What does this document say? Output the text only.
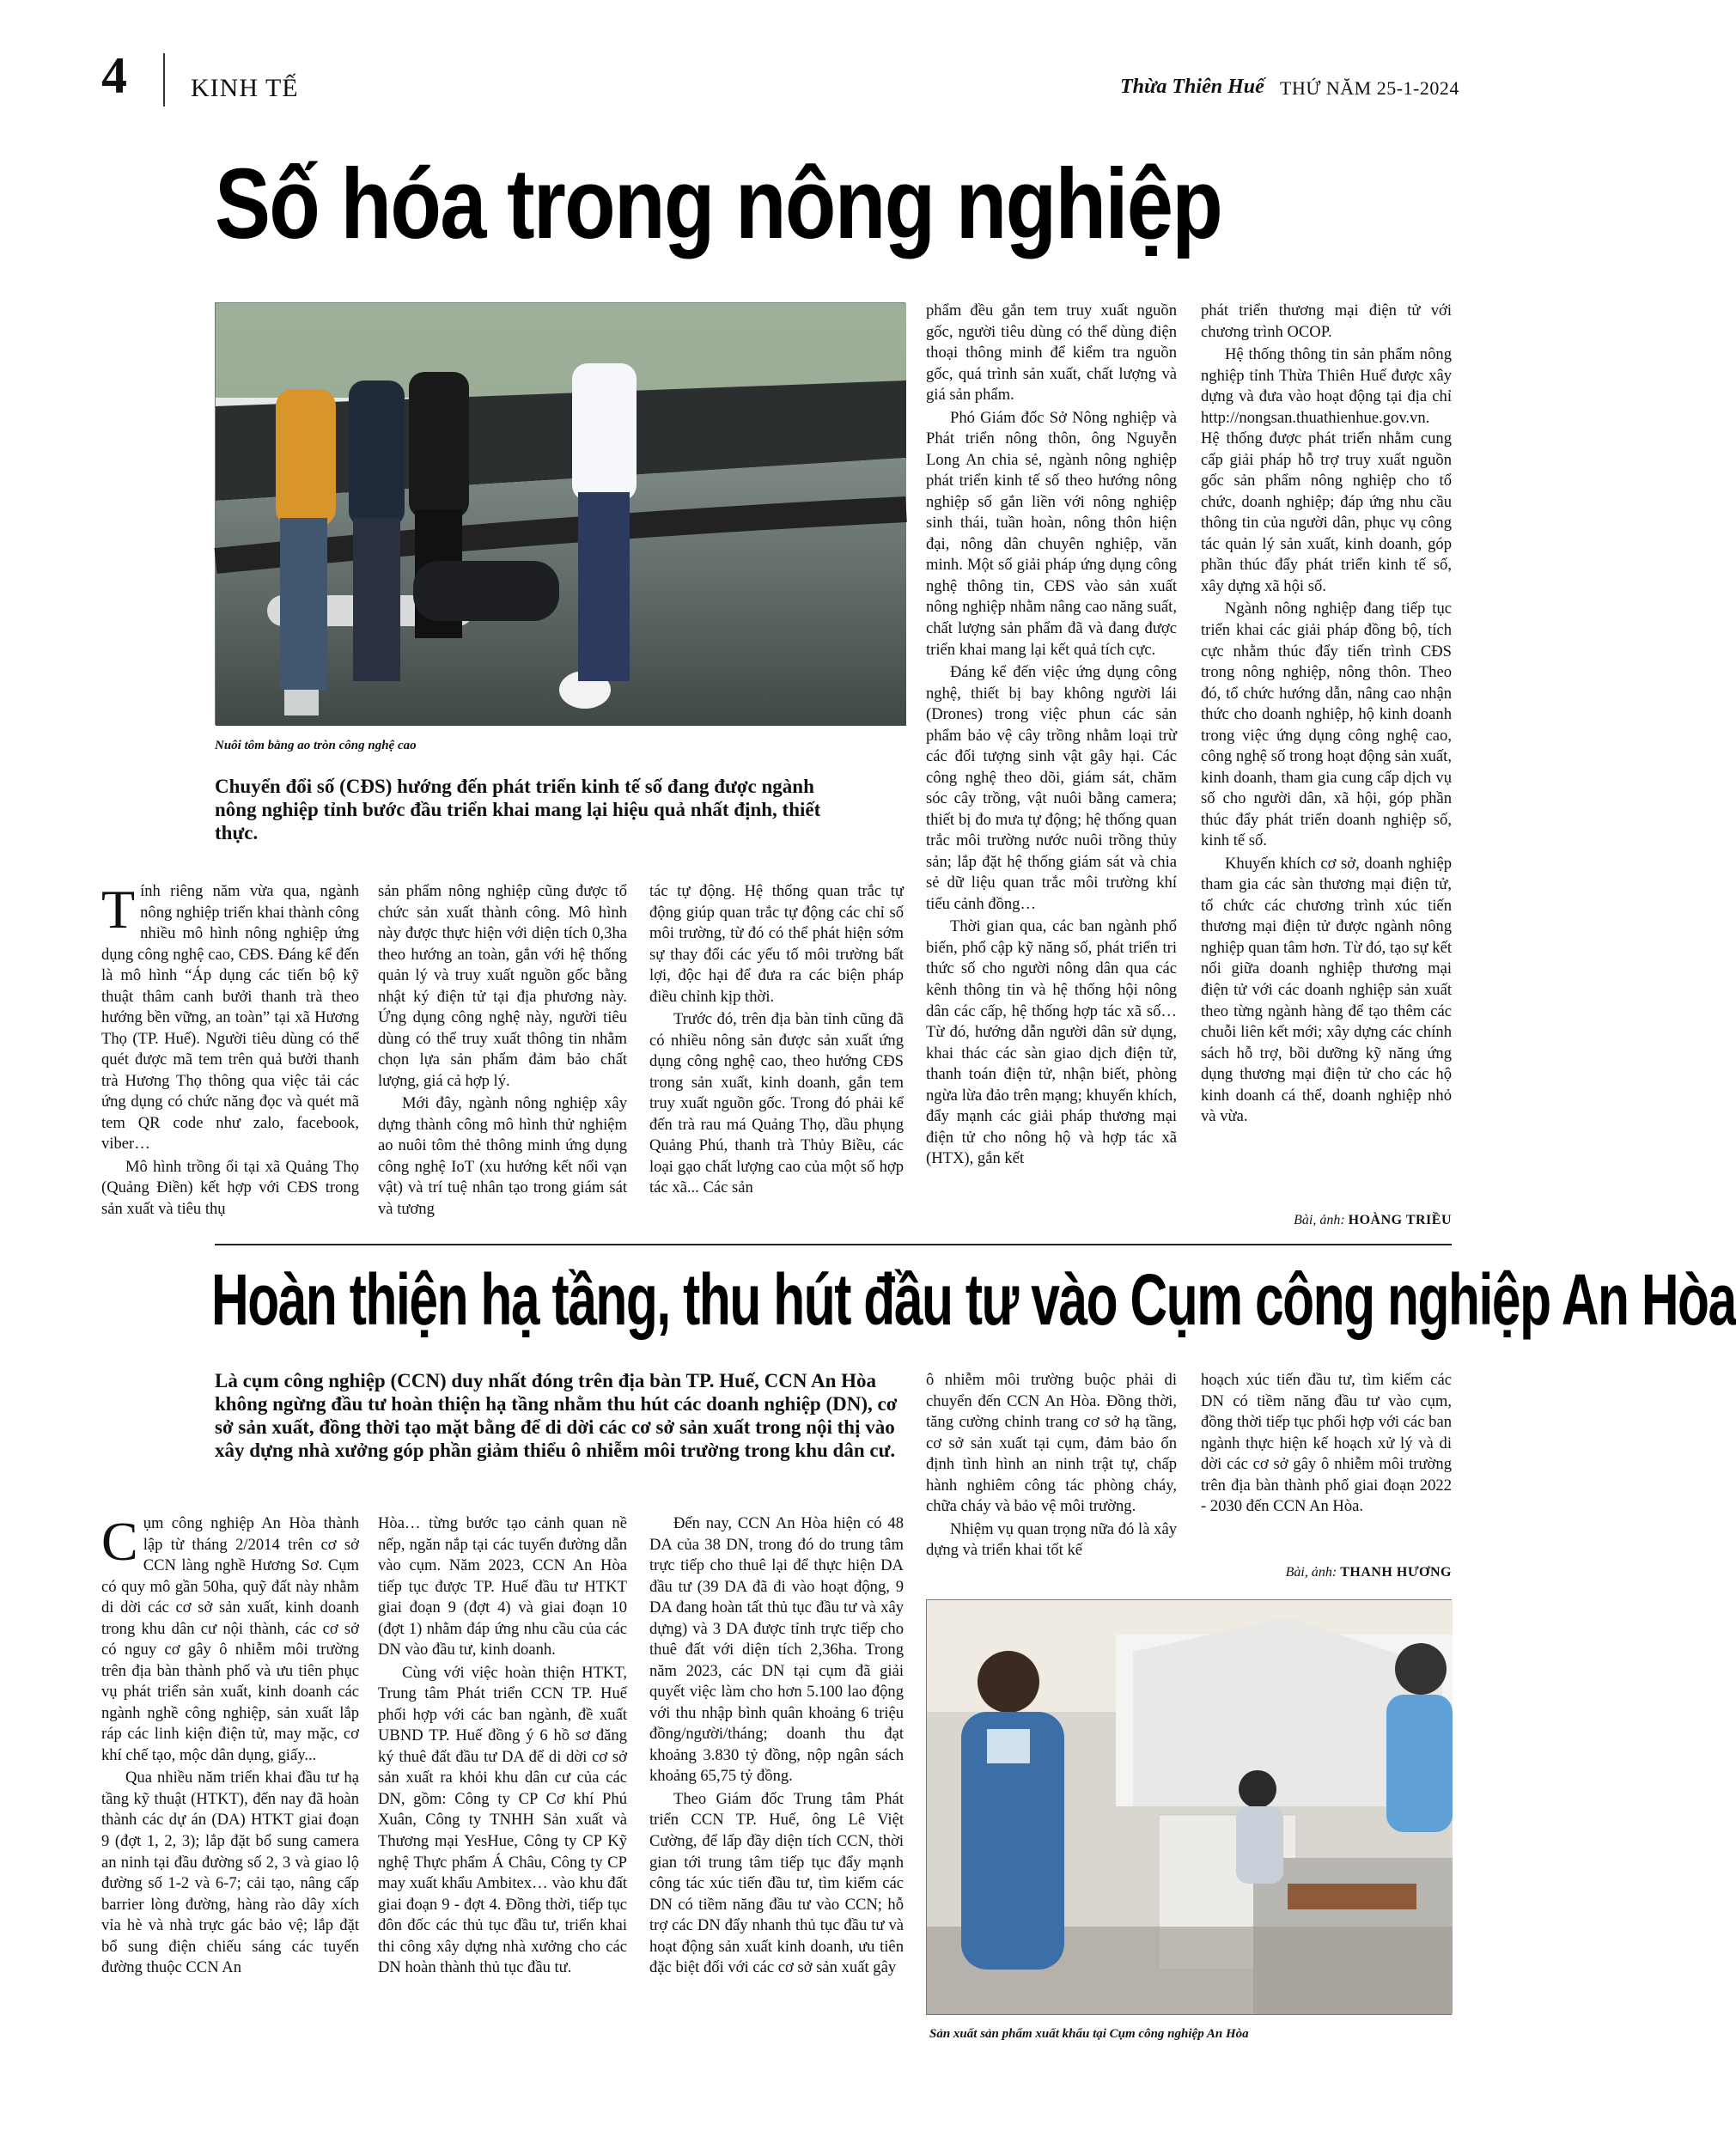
4 KINH TẾ	Thừa Thiên Huế THỨ NĂM 25-1-2024
Số hóa trong nông nghiệp
Nuôi tôm bằng ao tròn công nghệ cao
Chuyển đổi số (CĐS) hướng đến phát triển kinh tế số đang được ngành nông nghiệp tỉnh bước đầu triển khai mang lại hiệu quả nhất định, thiết thực.

Tính riêng năm vừa qua, ngành nông nghiệp triển khai thành công nhiều mô hình nông nghiệp ứng dụng công nghệ cao, CĐS. Đáng kể đến là mô hình “Áp dụng các tiến bộ kỹ thuật thâm canh bưởi thanh trà theo hướng bền vững, an toàn” tại xã Hương Thọ (TP. Huế). Người tiêu dùng có thể quét được mã tem trên quả bưởi thanh trà Hương Thọ thông qua việc tải các ứng dụng có chức năng đọc và quét mã tem QR code như zalo, facebook, viber…

Mô hình trồng ổi tại xã Quảng Thọ (Quảng Điền) kết hợp với CĐS trong sản xuất và tiêu thụ

sản phẩm nông nghiệp cũng được tổ chức sản xuất thành công. Mô hình này được thực hiện với diện tích 0,3ha theo hướng an toàn, gắn với hệ thống quản lý và truy xuất nguồn gốc bằng nhật ký điện tử tại địa phương này. Ứng dụng công nghệ này, người tiêu dùng có thể truy xuất thông tin nhằm chọn lựa sản phẩm đảm bảo chất lượng, giá cả hợp lý.

Mới đây, ngành nông nghiệp xây dựng thành công mô hình thử nghiệm ao nuôi tôm thẻ thông minh ứng dụng công nghệ IoT (xu hướng kết nối vạn vật) và trí tuệ nhân tạo trong giám sát và tương

tác tự động. Hệ thống quan trắc tự động giúp quan trắc tự động các chỉ số môi trường, từ đó có thể phát hiện sớm sự thay đổi các yếu tố môi trường bất lợi, độc hại để đưa ra các biện pháp điều chỉnh kịp thời.

Trước đó, trên địa bàn tỉnh cũng đã có nhiều nông sản được sản xuất ứng dụng công nghệ cao, theo hướng CĐS trong sản xuất, kinh doanh, gắn tem truy xuất nguồn gốc. Trong đó phải kể đến trà rau má Quảng Thọ, dầu phụng Quảng Phú, thanh trà Thủy Biều, các loại gạo chất lượng cao của một số hợp tác xã... Các sản

phẩm đều gắn tem truy xuất nguồn gốc, người tiêu dùng có thể dùng điện thoại thông minh để kiểm tra nguồn gốc, quá trình sản xuất, chất lượng và giá sản phẩm.

Phó Giám đốc Sở Nông nghiệp và Phát triển nông thôn, ông Nguyễn Long An chia sẻ, ngành nông nghiệp phát triển kinh tế số theo hướng nông nghiệp số gắn liền với nông nghiệp sinh thái, tuần hoàn, nông thôn hiện đại, nông dân chuyên nghiệp, văn minh. Một số giải pháp ứng dụng công nghệ thông tin, CĐS vào sản xuất nông nghiệp nhằm nâng cao năng suất, chất lượng sản phẩm đã và đang được triển khai mang lại kết quả tích cực.

Đáng kể đến việc ứng dụng công nghệ, thiết bị bay không người lái (Drones) trong việc phun các sản phẩm bảo vệ cây trồng nhằm loại trừ các đối tượng sinh vật gây hại. Các công nghệ theo dõi, giám sát, chăm sóc cây trồng, vật nuôi bằng camera; thiết bị đo mưa tự động; hệ thống quan trắc môi trường nước nuôi trồng thủy sản; lắp đặt hệ thống giám sát và chia sẻ dữ liệu quan trắc môi trường khí tiểu cảnh đồng…

Thời gian qua, các ban ngành phổ biến, phổ cập kỹ năng số, phát triển tri thức số cho người nông dân qua các kênh thông tin và hệ thống hội nông dân các cấp, hệ thống hợp tác xã số… Từ đó, hướng dẫn người dân sử dụng, khai thác các sàn giao dịch điện tử, thanh toán điện tử, nhận biết, phòng ngừa lừa đảo trên mạng; khuyến khích, đẩy mạnh các giải pháp thương mại điện tử cho nông hộ và hợp tác xã (HTX), gắn kết

phát triển thương mại điện tử với chương trình OCOP.

Hệ thống thông tin sản phẩm nông nghiệp tỉnh Thừa Thiên Huế được xây dựng và đưa vào hoạt động tại địa chỉ http://nongsan.thuathienhue.gov.vn. Hệ thống được phát triển nhằm cung cấp giải pháp hỗ trợ truy xuất nguồn gốc sản phẩm nông nghiệp cho tổ chức, doanh nghiệp; đáp ứng nhu cầu thông tin của người dân, phục vụ công tác quản lý sản xuất, kinh doanh, góp phần thúc đẩy phát triển kinh tế số, xây dựng xã hội số.

Ngành nông nghiệp đang tiếp tục triển khai các giải pháp đồng bộ, tích cực nhằm thúc đẩy tiến trình CĐS trong nông nghiệp, nông thôn. Theo đó, tổ chức hướng dẫn, nâng cao nhận thức cho doanh nghiệp, hộ kinh doanh trong việc ứng dụng công nghệ cao, công nghệ số trong hoạt động sản xuất, kinh doanh, tham gia cung cấp dịch vụ số cho người dân, xã hội, góp phần thúc đẩy phát triển doanh nghiệp số, kinh tế số.

Khuyến khích cơ sở, doanh nghiệp tham gia các sàn thương mại điện tử, tổ chức các chương trình xúc tiến thương mại điện tử được ngành nông nghiệp quan tâm hơn. Từ đó, tạo sự kết nối giữa doanh nghiệp thương mại điện tử với các doanh nghiệp sản xuất theo từng ngành hàng để tạo thêm các chuỗi liên kết mới; xây dựng các chính sách hỗ trợ, bồi dưỡng kỹ năng ứng dụng thương mại điện tử cho các hộ kinh doanh cá thể, doanh nghiệp nhỏ và vừa.

Bài, ảnh: HOÀNG TRIỀU
Hoàn thiện hạ tầng, thu hút đầu tư vào Cụm công nghiệp An Hòa
Là cụm công nghiệp (CCN) duy nhất đóng trên địa bàn TP. Huế, CCN An Hòa không ngừng đầu tư hoàn thiện hạ tầng nhằm thu hút các doanh nghiệp (DN), cơ sở sản xuất, đồng thời tạo mặt bằng để di dời các cơ sở sản xuất trong nội thị vào xây dựng nhà xưởng góp phần giảm thiểu ô nhiễm môi trường trong khu dân cư.

Cụm công nghiệp An Hòa thành lập từ tháng 2/2014 trên cơ sở CCN làng nghề Hương Sơ. Cụm có quy mô gần 50ha, quỹ đất này nhằm di dời các cơ sở sản xuất, kinh doanh trong khu dân cư nội thành, các cơ sở có nguy cơ gây ô nhiễm môi trường trên địa bàn thành phố và ưu tiên phục vụ phát triển sản xuất, kinh doanh các ngành nghề công nghiệp, sản xuất lắp ráp các linh kiện điện tử, may mặc, cơ khí chế tạo, mộc dân dụng, giấy...

Qua nhiều năm triển khai đầu tư hạ tầng kỹ thuật (HTKT), đến nay đã hoàn thành các dự án (DA) HTKT giai đoạn 9 (đợt 1, 2, 3); lắp đặt bổ sung camera an ninh tại đầu đường số 2, 3 và giao lộ đường số 1-2 và 6-7; cải tạo, nâng cấp barrier lòng đường, hàng rào dây xích vỉa hè và nhà trực gác bảo vệ; lắp đặt bổ sung điện chiếu sáng các tuyến đường thuộc CCN An

Hòa… từng bước tạo cảnh quan nề nếp, ngăn nắp tại các tuyến đường dẫn vào cụm. Năm 2023, CCN An Hòa tiếp tục được TP. Huế đầu tư HTKT giai đoạn 9 (đợt 4) và giai đoạn 10 (đợt 1) nhằm đáp ứng nhu cầu của các DN vào đầu tư, kinh doanh.

Cùng với việc hoàn thiện HTKT, Trung tâm Phát triển CCN TP. Huế phối hợp với các ban ngành, đề xuất UBND TP. Huế đồng ý 6 hồ sơ đăng ký thuê đất đầu tư DA để di dời cơ sở sản xuất ra khỏi khu dân cư của các DN, gồm: Công ty CP Cơ khí Phú Xuân, Công ty TNHH Sản xuất và Thương mại YesHue, Công ty CP Kỹ nghệ Thực phẩm Á Châu, Công ty CP may xuất khẩu Ambitex… vào khu đất giai đoạn 9 - đợt 4. Đồng thời, tiếp tục đôn đốc các thủ tục đầu tư, triển khai thi công xây dựng nhà xưởng cho các DN hoàn thành thủ tục đầu tư.

Đến nay, CCN An Hòa hiện có 48 DA của 38 DN, trong đó do trung tâm trực tiếp cho thuê lại để thực hiện DA đầu tư (39 DA đã đi vào hoạt động, 9 DA đang hoàn tất thủ tục đầu tư và xây dựng) và 3 DA được tỉnh trực tiếp cho thuê đất với diện tích 2,36ha. Trong năm 2023, các DN tại cụm đã giải quyết việc làm cho hơn 5.100 lao động với thu nhập bình quân khoảng 6 triệu đồng/người/tháng; doanh thu đạt khoảng 3.830 tỷ đồng, nộp ngân sách khoảng 65,75 tỷ đồng.

Theo Giám đốc Trung tâm Phát triển CCN TP. Huế, ông Lê Việt Cường, để lấp đầy diện tích CCN, thời gian tới trung tâm tiếp tục đẩy mạnh công tác xúc tiến đầu tư, tìm kiếm các DN có tiềm năng đầu tư vào CCN; hỗ trợ các DN đẩy nhanh thủ tục đầu tư và hoạt động sản xuất kinh doanh, ưu tiên đặc biệt đối với các cơ sở sản xuất gây

ô nhiễm môi trường buộc phải di chuyển đến CCN An Hòa. Đồng thời, tăng cường chỉnh trang cơ sở hạ tầng, cơ sở sản xuất tại cụm, đảm bảo ổn định tình hình an ninh trật tự, chấp hành nghiêm công tác phòng cháy, chữa cháy và bảo vệ môi trường.

Nhiệm vụ quan trọng nữa đó là xây dựng và triển khai tốt kế

hoạch xúc tiến đầu tư, tìm kiếm các DN có tiềm năng đầu tư vào cụm, đồng thời tiếp tục phối hợp với các ban ngành thực hiện kế hoạch xử lý và di dời các cơ sở gây ô nhiễm môi trường trên địa bàn thành phố giai đoạn 2022 - 2030 đến CCN An Hòa.

Bài, ảnh: THANH HƯƠNG
Sản xuất sản phẩm xuất khẩu tại Cụm công nghiệp An Hòa
